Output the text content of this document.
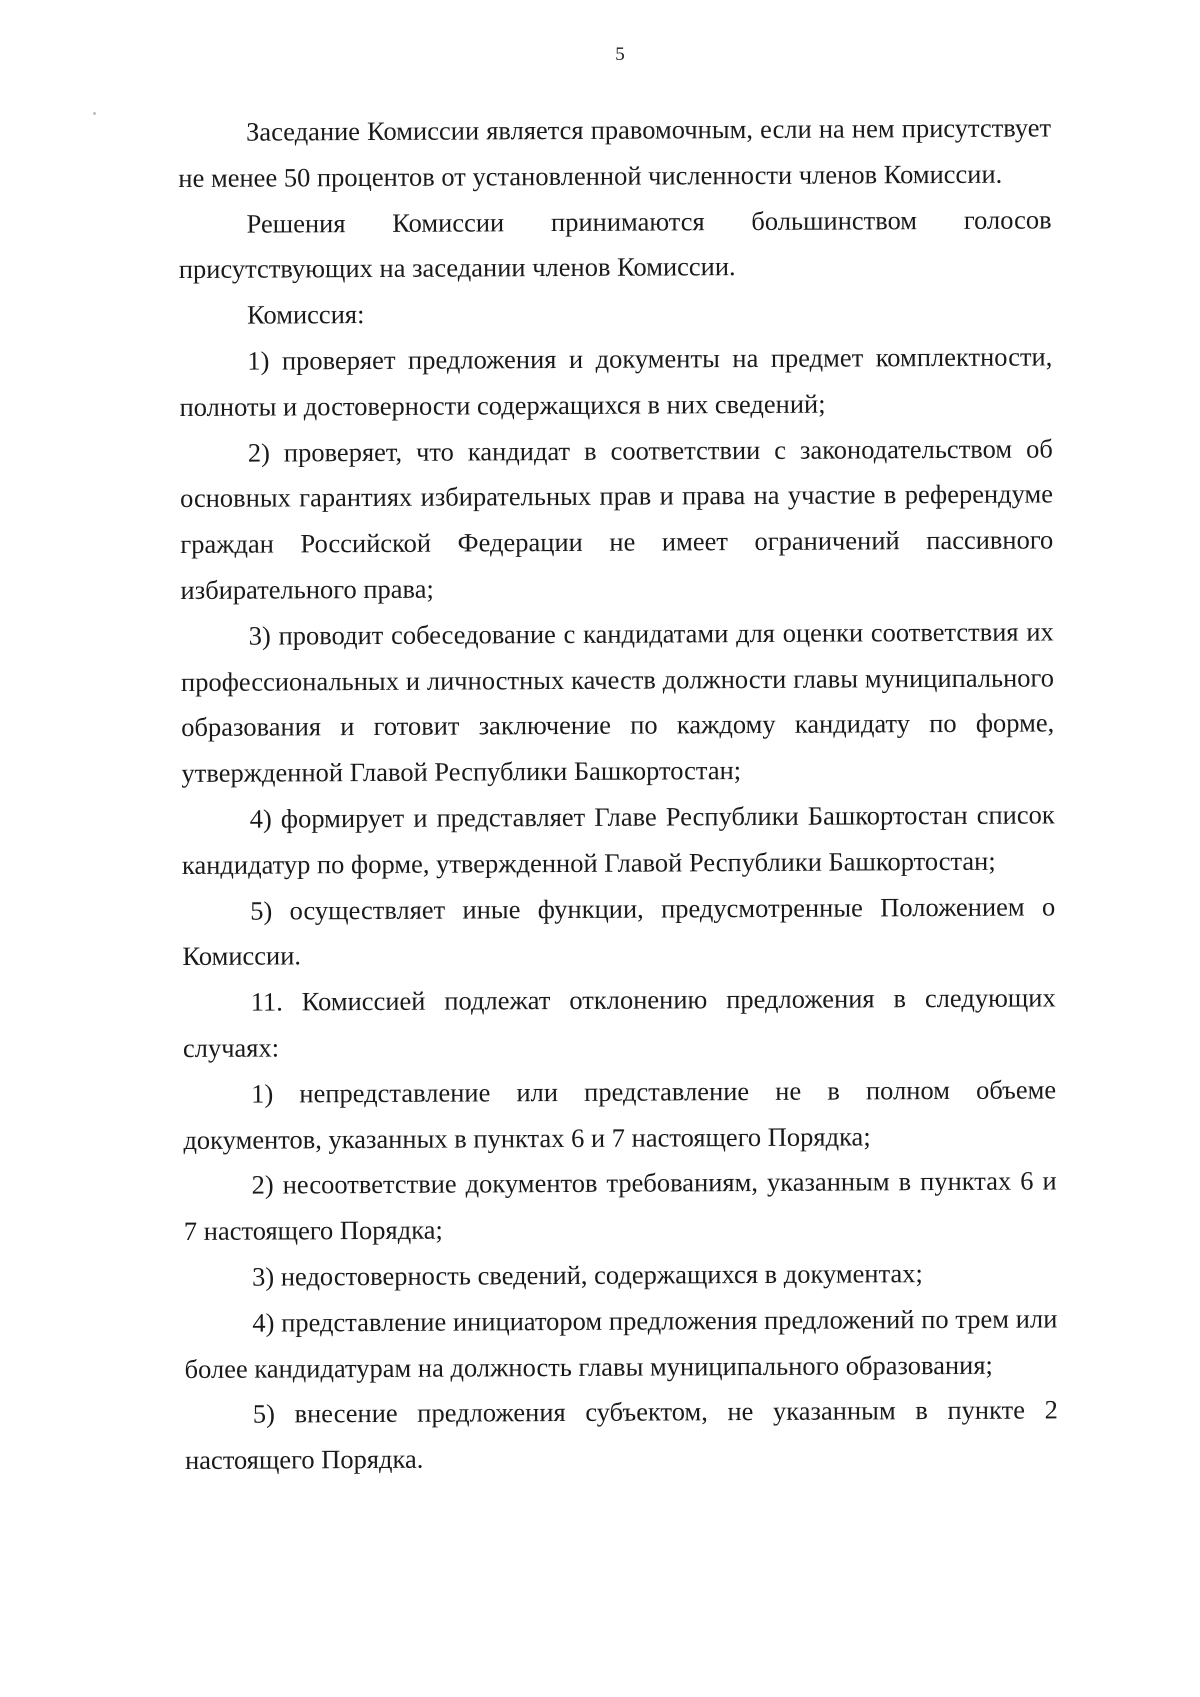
5

Заседание Комиссии является правомочным, если на нем присутствует не менее 50 процентов от установленной численности членов Комиссии.

Решения Комиссии принимаются большинством голосов присутствующих на заседании членов Комиссии.

Комиссия:

1) проверяет предложения и документы на предмет комплектности, полноты и достоверности содержащихся в них сведений;

2) проверяет, что кандидат в соответствии с законодательством об основных гарантиях избирательных прав и права на участие в референдуме граждан Российской Федерации не имеет ограничений пассивного избирательного права;

3) проводит собеседование с кандидатами для оценки соответствия их профессиональных и личностных качеств должности главы муниципального образования и готовит заключение по каждому кандидату по форме, утвержденной Главой Республики Башкортостан;

4) формирует и представляет Главе Республики Башкортостан список кандидатур по форме, утвержденной Главой Республики Башкортостан;

5) осуществляет иные функции, предусмотренные Положением о Комиссии.

11. Комиссией подлежат отклонению предложения в следующих случаях:

1) непредставление или представление не в полном объеме документов, указанных в пунктах 6 и 7 настоящего Порядка;

2) несоответствие документов требованиям, указанным в пунктах 6 и 7 настоящего Порядка;

3) недостоверность сведений, содержащихся в документах;

4) представление инициатором предложения предложений по трем или более кандидатурам на должность главы муниципального образования;

5) внесение предложения субъектом, не указанным в пункте 2 настоящего Порядка.
